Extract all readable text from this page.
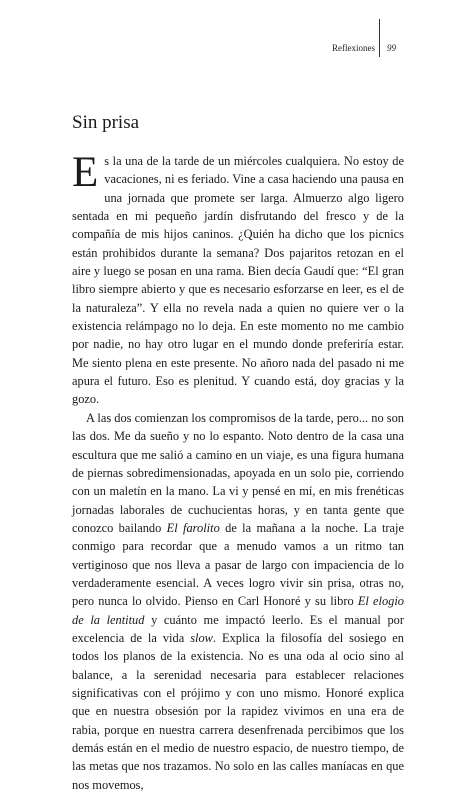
Reflexiones 99
Sin prisa

Es la una de la tarde de un miércoles cualquiera. No estoy de vacaciones, ni es feriado. Vine a casa haciendo una pausa en una jornada que promete ser larga. Almuerzo algo ligero sentada en mi pequeño jardín disfrutando del fresco y de la compañía de mis hijos caninos. ¿Quién ha dicho que los picnics están prohibidos durante la semana? Dos pajaritos retozan en el aire y luego se posan en una rama. Bien decía Gaudí que: “El gran libro siempre abierto y que es necesario esforzarse en leer, es el de la naturaleza”. Y ella no revela nada a quien no quiere ver o la existencia relámpago no lo deja. En este momento no me cambio por nadie, no hay otro lugar en el mundo donde preferiría estar. Me siento plena en este presente. No añoro nada del pasado ni me apura el futuro. Eso es plenitud. Y cuando está, doy gracias y la gozo.

A las dos comienzan los compromisos de la tarde, pero... no son las dos. Me da sueño y no lo espanto. Noto dentro de la casa una escultura que me salió a camino en un viaje, es una figura humana de piernas sobredimensionadas, apoyada en un solo pie, corriendo con un maletín en la mano. La vi y pensé en mí, en mis frenéticas jornadas laborales de cuchucientas horas, y en tanta gente que conozco bailando El farolito de la mañana a la noche. La traje conmigo para recordar que a menudo vamos a un ritmo tan vertiginoso que nos lleva a pasar de largo con impaciencia de lo verdaderamente esencial. A veces logro vivir sin prisa, otras no, pero nunca lo olvido. Pienso en Carl Honoré y su libro El elogio de la lentitud y cuánto me impactó leerlo. Es el manual por excelencia de la vida slow. Explica la filosofía del sosiego en todos los planos de la existencia. No es una oda al ocio sino al balance, a la serenidad necesaria para establecer relaciones significativas con el prójimo y con uno mismo. Honoré explica que en nuestra obsesión por la rapidez vivimos en una era de rabia, porque en nuestra carrera desenfrenada percibimos que los demás están en el medio de nuestro espacio, de nuestro tiempo, de las metas que nos trazamos. No solo en las calles maníacas en que nos movemos,
